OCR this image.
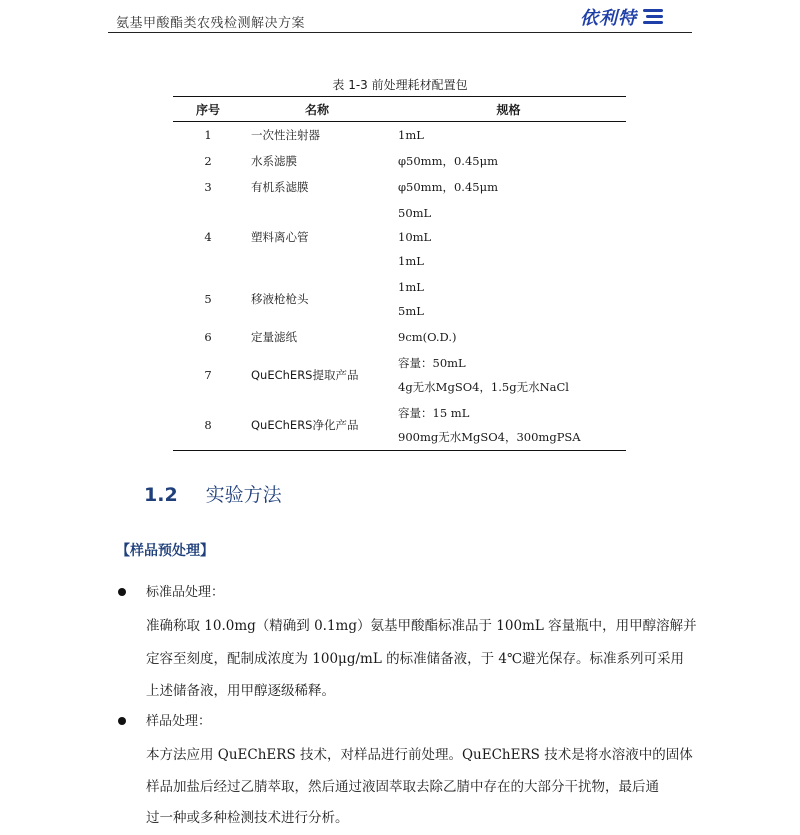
氨基甲酸酯类农残检测解决方案	依利特
表 1-3 前处理耗材配置包
序号	名称	规格
1	一次性注射器	1mL

2	水系滤膜	φ50mm，0.45μm

3	有机系滤膜	φ50mm，0.45μm

4	塑料离心管	50mL
10mL
1mL

5	移液枪枪头	1mL
5mL

6	定量滤纸	9cm(O.D.)

7	QuEChERS提取产品	容量：50mL
4g无水MgSO4，1.5g无水NaCl

8	QuEChERS净化产品	容量：15 mL
900mg无水MgSO4，300mgPSA
1.2 实验方法
【样品预处理】
标准品处理：
准确称取 10.0mg（精确到 0.1mg）氨基甲酸酯标准品于 100mL 容量瓶中，用甲醇溶解并
定容至刻度，配制成浓度为 100μg/mL 的标准储备液，于 4℃避光保存。标准系列可采用
上述储备液，用甲醇逐级稀释。
样品处理：
本方法应用 QuEChERS 技术，对样品进行前处理。QuEChERS 技术是将水溶液中的固体
样品加盐后经过乙腈萃取，然后通过液固萃取去除乙腈中存在的大部分干扰物，最后通
过一种或多种检测技术进行分析。
